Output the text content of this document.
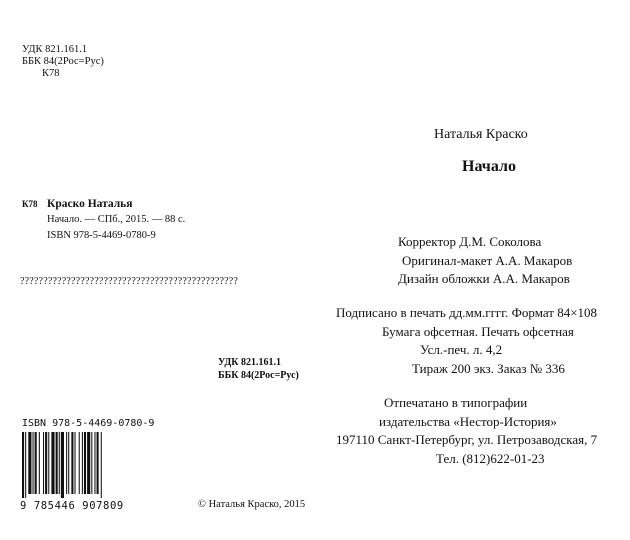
УДК 821.161.1
ББК 84(2Рос=Рус)
К78
К78 Краско Наталья
Начало. — СПб., 2015. — 88 с.
ISBN 978-5-4469-0780-9
???????????????????????????????????????????????
УДК 821.161.1
ББК 84(2Рос=Рус)
ISBN 978-5-4469-0780-9
9 785446 907809	© Наталья Краско, 2015
Наталья Краско
Начало
Корректор Д.М. Соколова
Оригинал-макет А.А. Макаров
Дизайн обложки А.А. Макаров
Подписано в печать дд.мм.гггг. Формат 84×108
Бумага офсетная. Печать офсетная
Усл.-печ. л. 4,2
Тираж 200 экз. Заказ № 336
Отпечатано в типографии
издательства «Нестор-История»
197110 Санкт-Петербург, ул. Петрозаводская, 7
Тел. (812)622-01-23
